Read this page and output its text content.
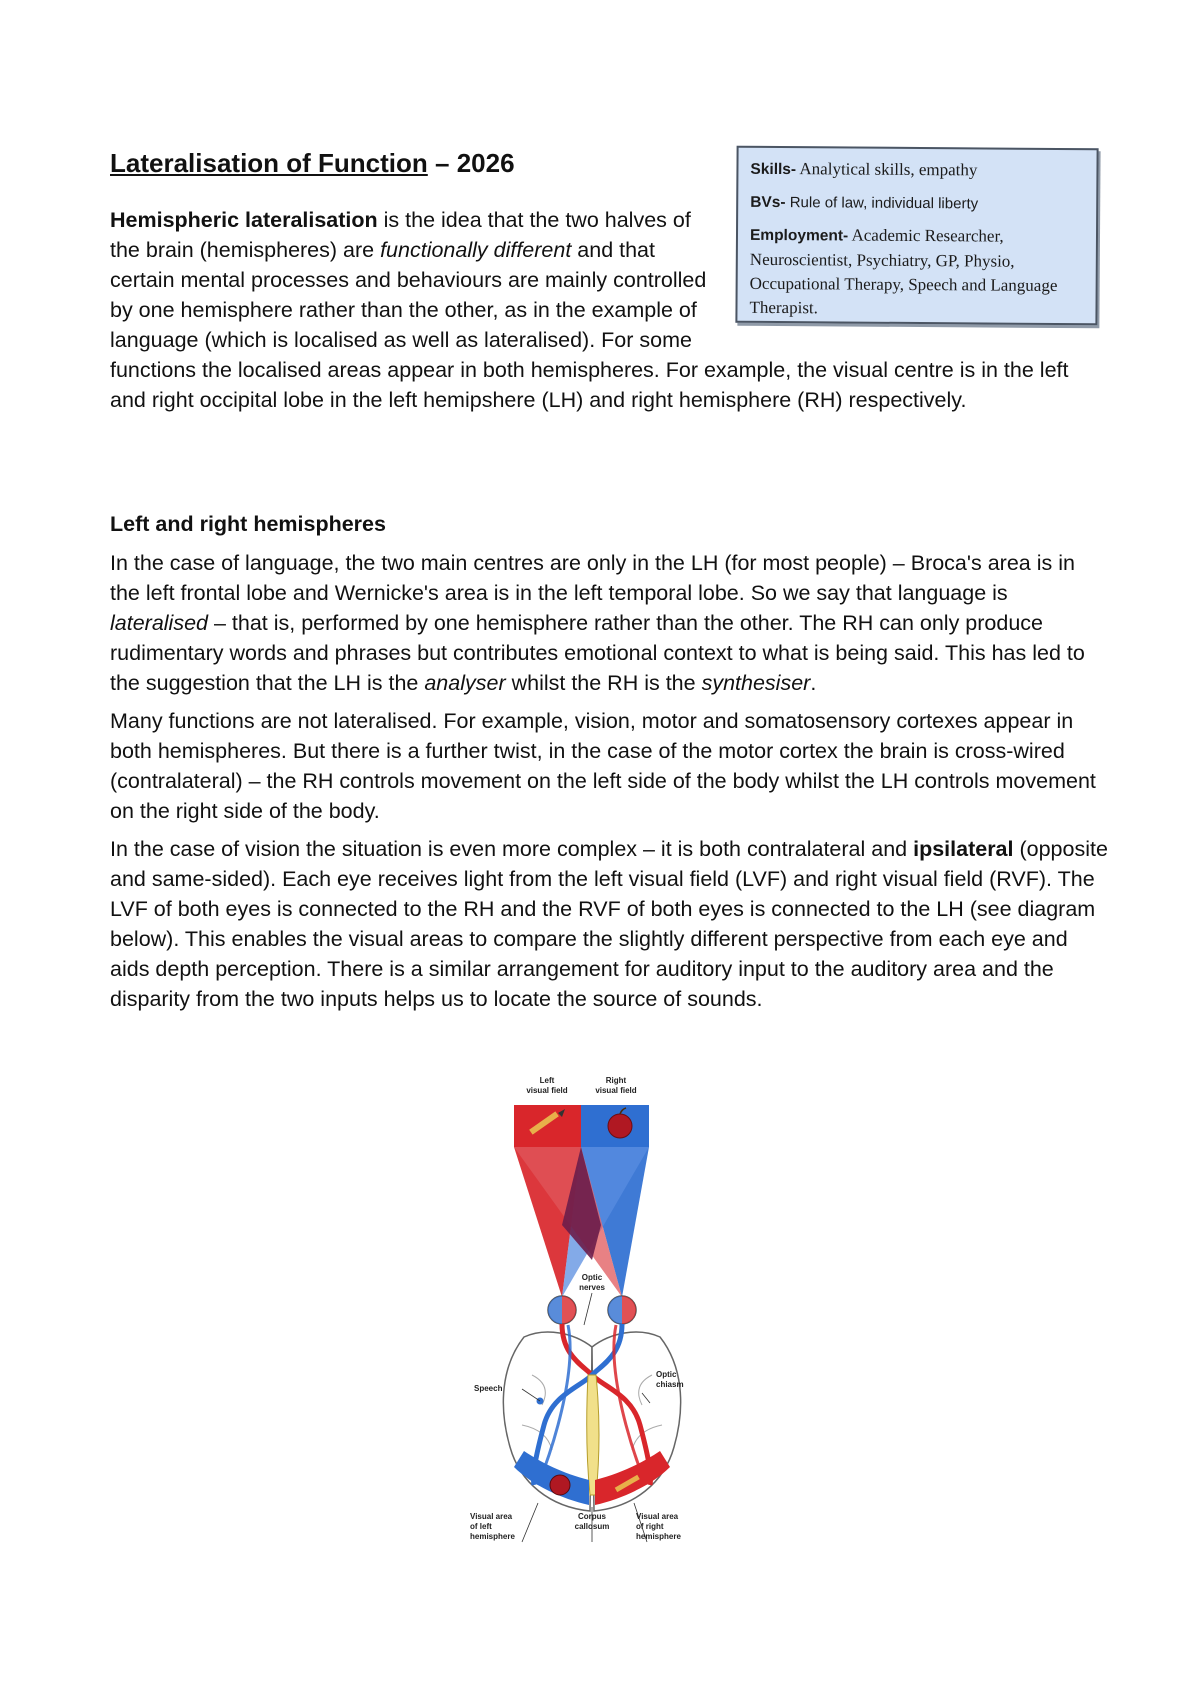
Lateralisation of Function – 2026	Skills- Analytical skills, empathy

BVs- Rule of law, individual liberty

Employment- Academic Researcher, Neuroscientist, Psychiatry, GP, Physio, Occupational Therapy, Speech and Language Therapist.

Hemispheric lateralisation is the idea that the two halves of the brain (hemispheres) are functionally different and that certain mental processes and behaviours are mainly controlled by one hemisphere rather than the other, as in the example of language (which is localised as well as lateralised). For some functions the localised areas appear in both hemispheres. For example, the visual centre is in the left and right occipital lobe in the left hemipshere (LH) and right hemisphere (RH) respectively.
Left and right hemispheres

In the case of language, the two main centres are only in the LH (for most people) – Broca's area is in the left frontal lobe and Wernicke's area is in the left temporal lobe. So we say that language is lateralised – that is, performed by one hemisphere rather than the other. The RH can only produce rudimentary words and phrases but contributes emotional context to what is being said. This has led to the suggestion that the LH is the analyser whilst the RH is the synthesiser.

Many functions are not lateralised. For example, vision, motor and somatosensory cortexes appear in both hemispheres. But there is a further twist, in the case of the motor cortex the brain is cross-wired (contralateral) – the RH controls movement on the left side of the body whilst the LH controls movement on the right side of the body.

In the case of vision the situation is even more complex – it is both contralateral and ipsilateral (opposite and same-sided). Each eye receives light from the left visual field (LVF) and right visual field (RVF). The LVF of both eyes is connected to the RH and the RVF of both eyes is connected to the LH (see diagram below). This enables the visual areas to compare the slightly different perspective from each eye and aids depth perception. There is a similar arrangement for auditory input to the auditory area and the disparity from the two inputs helps us to locate the source of sounds.

Left
visual field
Right
visual field
Optic
nerves
Optic
chiasm
Speech
Visual area
of left
hemisphere
Corpus
callosum
Visual area
of right
hemisphere
